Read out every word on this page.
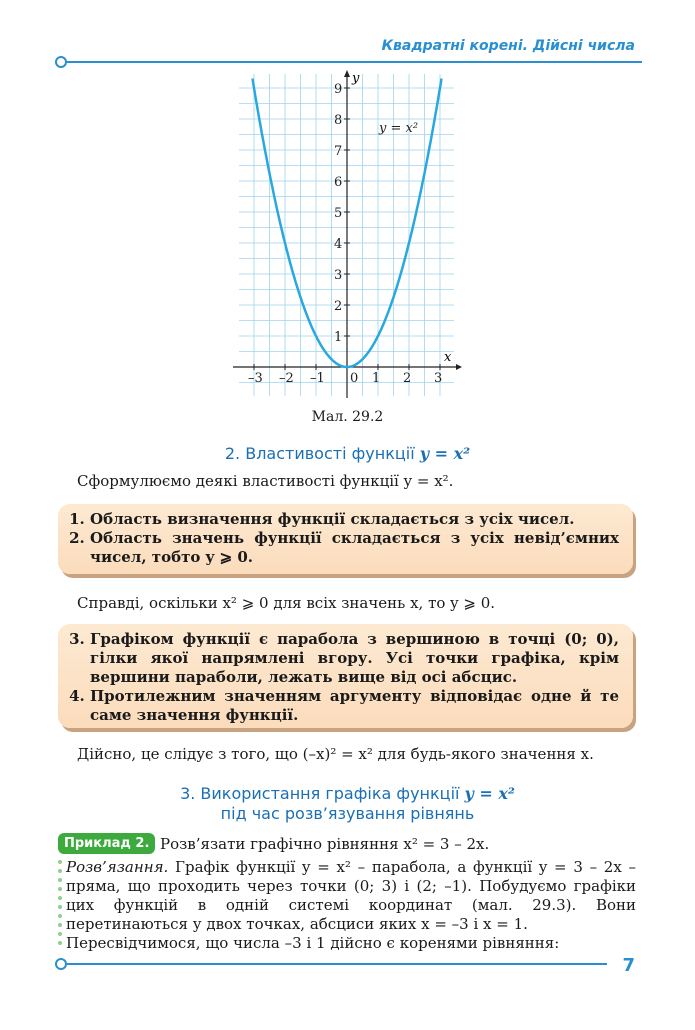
Квадратні корені. Дійсні числа
x
y
–3 –2 –1 0 1 2 3
1
2
3
4
5
6
7
8
9
y = x²
Мал. 29.2
2. Властивості функції y = x²
Сформулюємо деякі властивості функції y = x².
1. Область визначення функції складається з усіх чисел.
2. Область значень функції складається з усіх невід’ємних чисел, тобто y ⩾ 0.
Справді, оскільки x² ⩾ 0 для всіх значень x, то y ⩾ 0.
3. Графіком функції є парабола з вершиною в точці (0; 0), гілки якої напрямлені вгору. Усі точки графіка, крім вершини параболи, лежать вище від осі абсцис.
4. Протилежним значенням аргументу відповідає одне й те саме значення функції.
Дійсно, це слідує з того, що (–x)² = x² для будь-якого значення x.
3. Використання графіка функції y = x²
під час розв’язування рівнянь
Приклад 2. Розв’язати графічно рівняння x² = 3 – 2x.
Розв’язання. Графік функції y = x² – парабола, а функції y = 3 – 2x – пряма, що проходить через точки (0; 3) і (2; –1). Побудуємо графіки цих функцій в одній системі координат (мал. 29.3). Вони перетинаються у двох точках, абсциси яких x = –3 і x = 1.
Пересвідчимося, що числа –3 і 1 дійсно є коренями рівняння:
7
